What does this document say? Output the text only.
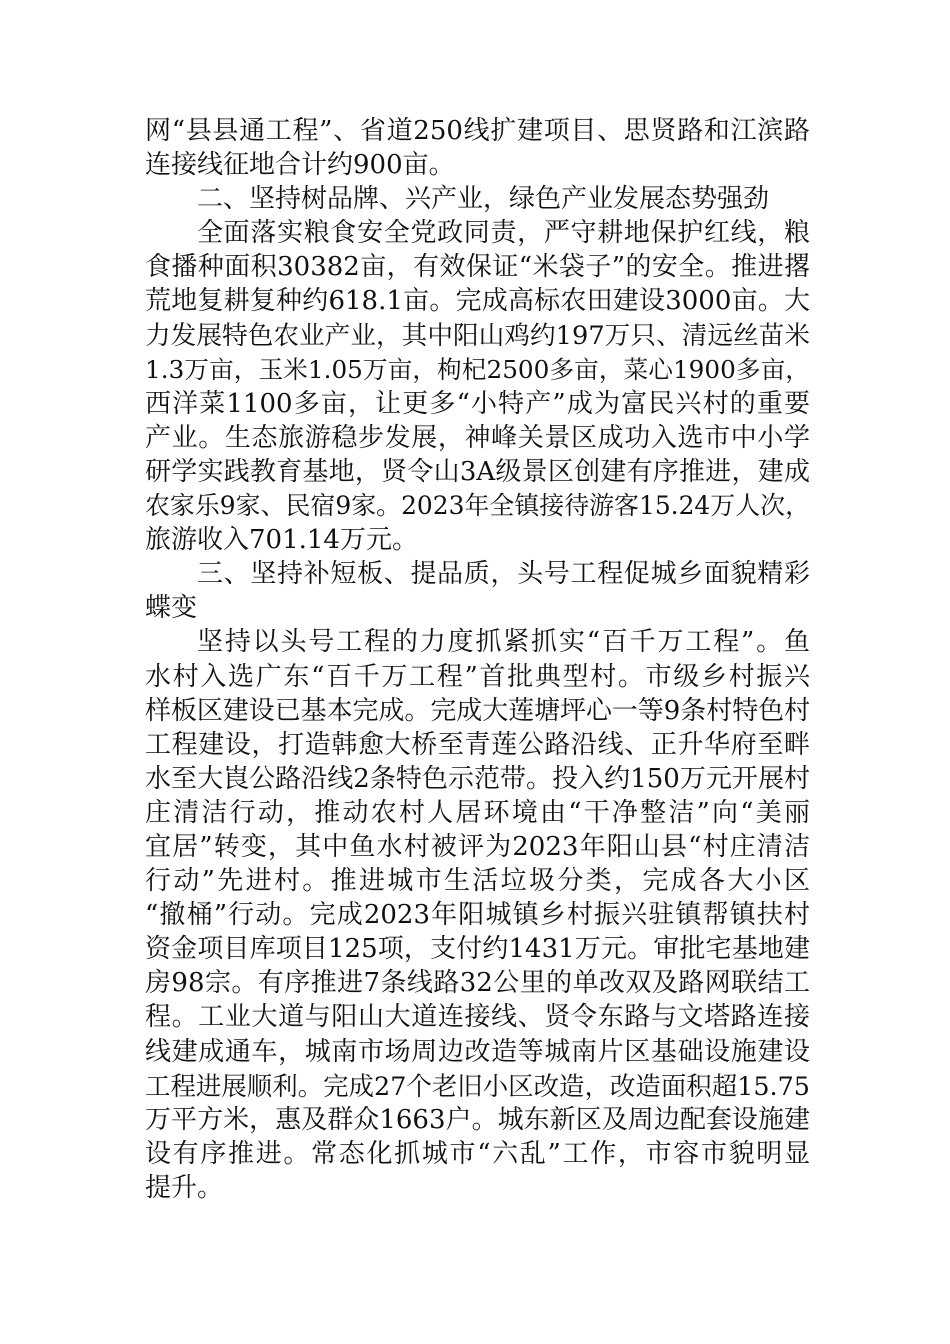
网“县县通工程”、省道250线扩建项目、思贤路和江滨路
连接线征地合计约900亩。
二、坚持树品牌、兴产业，绿色产业发展态势强劲
全面落实粮食安全党政同责，严守耕地保护红线，粮
食播种面积30382亩，有效保证“米袋子”的安全。推进撂
荒地复耕复种约618.1亩。完成高标农田建设3000亩。大
力发展特色农业产业，其中阳山鸡约197万只、清远丝苗米
1.3万亩，玉米1.05万亩，枸杞2500多亩，菜心1900多亩，
西洋菜1100多亩，让更多“小特产”成为富民兴村的重要
产业。生态旅游稳步发展，神峰关景区成功入选市中小学
研学实践教育基地，贤令山3A级景区创建有序推进，建成
农家乐9家、民宿9家。2023年全镇接待游客15.24万人次，
旅游收入701.14万元。
三、坚持补短板、提品质，头号工程促城乡面貌精彩
蝶变
坚持以头号工程的力度抓紧抓实“百千万工程”。鱼
水村入选广东“百千万工程”首批典型村。市级乡村振兴
样板区建设已基本完成。完成大莲塘坪心一等9条村特色村
工程建设，打造韩愈大桥至青莲公路沿线、正升华府至畔
水至大崀公路沿线2条特色示范带。投入约150万元开展村
庄清洁行动，推动农村人居环境由“干净整洁”向“美丽
宜居”转变，其中鱼水村被评为2023年阳山县“村庄清洁
行动”先进村。推进城市生活垃圾分类，完成各大小区
“撤桶”行动。完成2023年阳城镇乡村振兴驻镇帮镇扶村
资金项目库项目125项，支付约1431万元。审批宅基地建
房98宗。有序推进7条线路32公里的单改双及路网联结工
程。工业大道与阳山大道连接线、贤令东路与文塔路连接
线建成通车，城南市场周边改造等城南片区基础设施建设
工程进展顺利。完成27个老旧小区改造，改造面积超15.75
万平方米，惠及群众1663户。城东新区及周边配套设施建
设有序推进。常态化抓城市“六乱”工作，市容市貌明显
提升。
